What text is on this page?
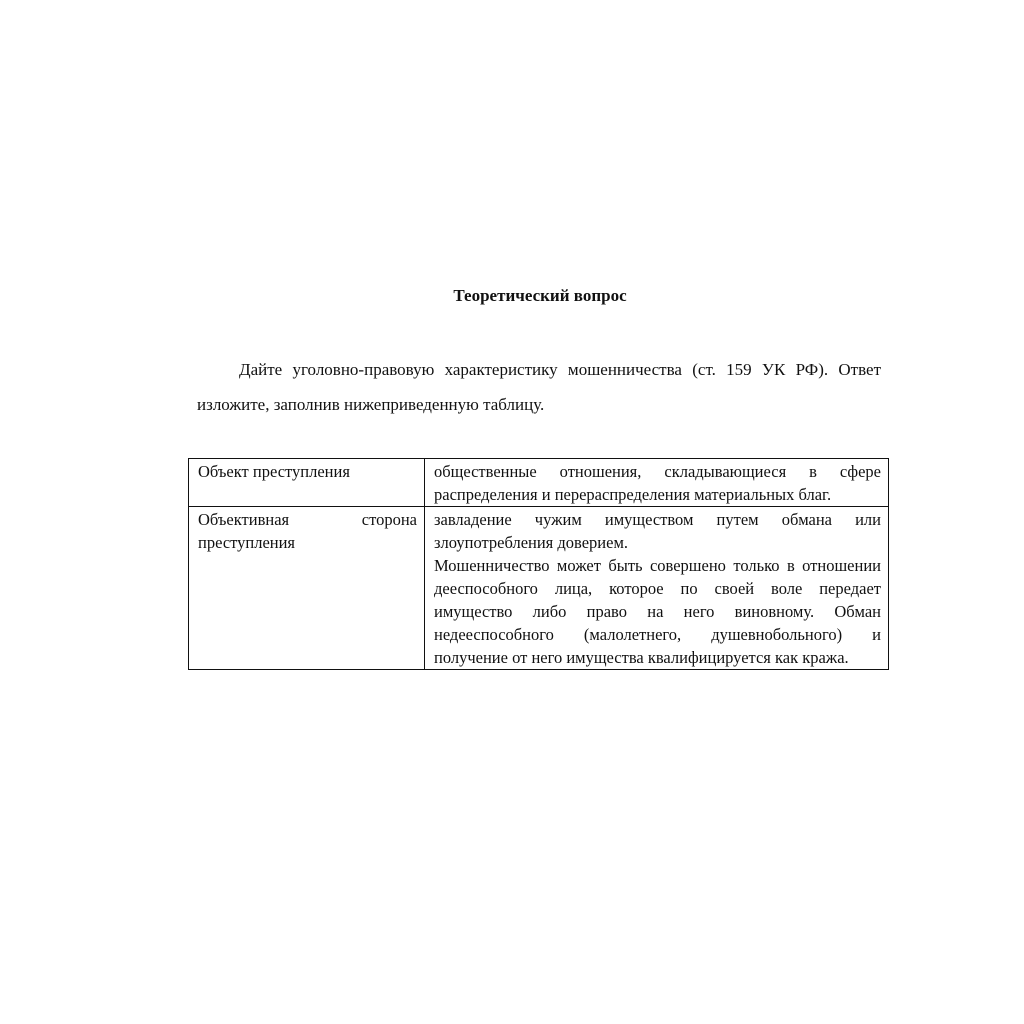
Теоретический вопрос

Дайте уголовно-правовую характеристику мошенничества (ст. 159 УК РФ). Ответ изложите, заполнив нижеприведенную таблицу.

Объект преступления	общественные отношения, складывающиеся в сфере распределения и перераспределения материальных благ.

Объективная сторона преступления	завладение чужим имуществом путем обмана или злоупотребления доверием.
Мошенничество может быть совершено только в отношении дееспособного лица, которое по своей воле передает имущество либо право на него виновному. Обман недееспособного (малолетнего, душевнобольного) и получение от него имущества квалифицируется как кража.
